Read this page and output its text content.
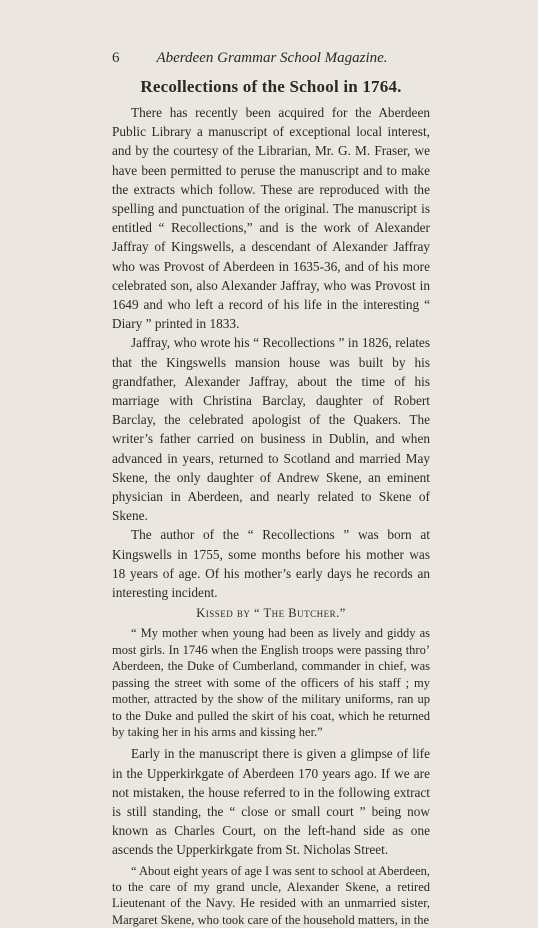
6	Aberdeen Grammar School Magazine.
Recollections of the School in 1764.

There has recently been acquired for the Aberdeen Public Library a manuscript of exceptional local interest, and by the courtesy of the Librarian, Mr. G. M. Fraser, we have been permitted to peruse the manuscript and to make the extracts which follow. These are reproduced with the spelling and punctuation of the original. The manuscript is entitled “ Recollections,” and is the work of Alexander Jaffray of Kingswells, a descendant of Alexander Jaffray who was Provost of Aberdeen in 1635-36, and of his more celebrated son, also Alexander Jaffray, who was Provost in 1649 and who left a record of his life in the interesting “ Diary ” printed in 1833.

Jaffray, who wrote his “ Recollections ” in 1826, relates that the Kingswells mansion house was built by his grandfather, Alexander Jaffray, about the time of his marriage with Christina Barclay, daughter of Robert Barclay, the celebrated apologist of the Quakers. The writer’s father carried on business in Dublin, and when advanced in years, returned to Scotland and married May Skene, the only daughter of Andrew Skene, an eminent physician in Aberdeen, and nearly related to Skene of Skene.

The author of the “ Recollections ” was born at Kingswells in 1755, some months before his mother was 18 years of age. Of his mother’s early days he records an interesting incident.

Kissed by “ The Butcher.”

“ My mother when young had been as lively and giddy as most girls. In 1746 when the English troops were passing thro’ Aberdeen, the Duke of Cumberland, commander in chief, was passing the street with some of the officers of his staff ; my mother, attracted by the show of the military uniforms, ran up to the Duke and pulled the skirt of his coat, which he returned by taking her in his arms and kissing her.”

Early in the manuscript there is given a glimpse of life in the Upperkirkgate of Aberdeen 170 years ago. If we are not mistaken, the house referred to in the following extract is still standing, the “ close or small court ” being now known as Charles Court, on the left-hand side as one ascends the Upperkirkgate from St. Nicholas Street.

“ About eight years of age I was sent to school at Aberdeen, to the care of my grand uncle, Alexander Skene, a retired Lieutenant of the Navy. He resided with an unmarried sister, Margaret Skene, who took care of the household matters, in the
